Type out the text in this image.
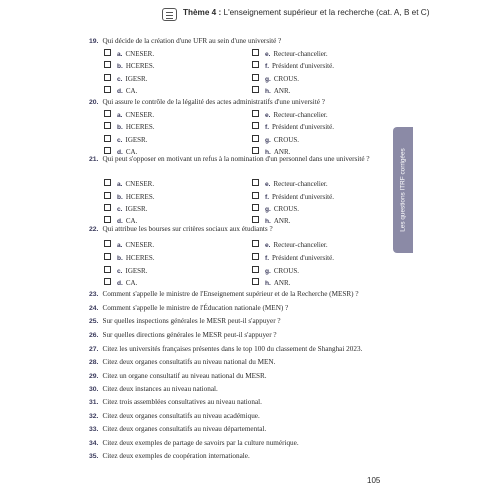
Thème 4 : L'enseignement supérieur et la recherche (cat. A, B et C)
Les questions ITRF corrigées
19. Qui décide de la création d'une UFR au sein d'une université ?
a. CNESER.	e. Recteur-chancelier.
b. HCERES.	f. Président d'université.
c. IGESR.	g. CROUS.
d. CA.	h. ANR.
20. Qui assure le contrôle de la légalité des actes administratifs d'une université ?
a. CNESER.	e. Recteur-chancelier.
b. HCERES.	f. Président d'université.
c. IGESR.	g. CROUS.
d. CA.	h. ANR.
21. Qui peut s'opposer en motivant un refus à la nomination d'un personnel dans une université ?
a. CNESER.	e. Recteur-chancelier.
b. HCERES.	f. Président d'université.
c. IGESR.	g. CROUS.
d. CA.	h. ANR.
22. Qui attribue les bourses sur critères sociaux aux étudiants ?
a. CNESER.	e. Recteur-chancelier.
b. HCERES.	f. Président d'université.
c. IGESR.	g. CROUS.
d. CA.	h. ANR.
23. Comment s'appelle le ministre de l'Enseignement supérieur et de la Recherche (MESR) ?
24. Comment s'appelle le ministre de l'Éducation nationale (MEN) ?
25. Sur quelles inspections générales le MESR peut-il s'appuyer ?
26. Sur quelles directions générales le MESR peut-il s'appuyer ?
27. Citez les universités françaises présentes dans le top 100 du classement de Shanghai 2023.
28. Citez deux organes consultatifs au niveau national du MEN.
29. Citez un organe consultatif au niveau national du MESR.
30. Citez deux instances au niveau national.
31. Citez trois assemblées consultatives au niveau national.
32. Citez deux organes consultatifs au niveau académique.
33. Citez deux organes consultatifs au niveau départemental.
34. Citez deux exemples de partage de savoirs par la culture numérique.
35. Citez deux exemples de coopération internationale.
105
